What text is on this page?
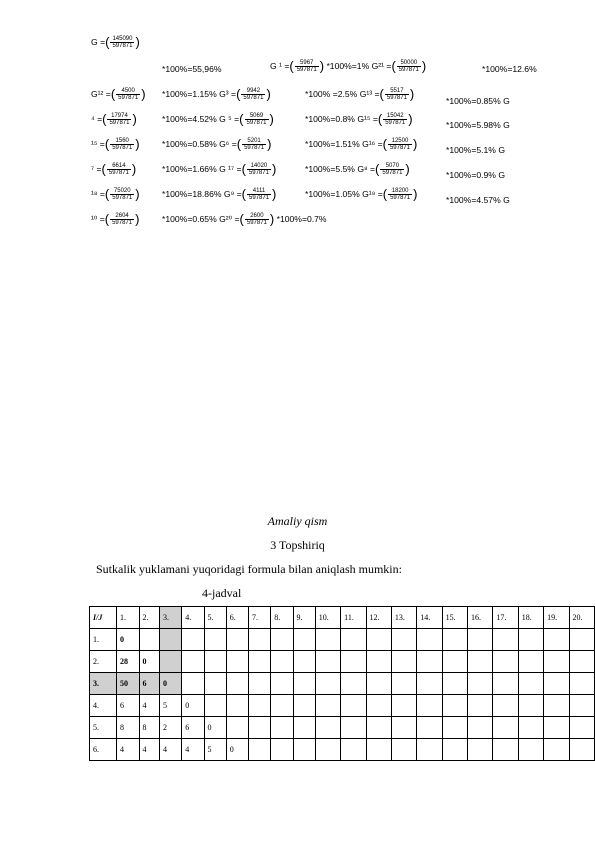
G =( $\frac{145090}{597871}$ )
*100%=55,96%	G ¹ =( $\frac{5967}{597871}$ ) *100%=1% G²¹ =( $\frac{50000}{597871}$ )	*100%=12.6%
G¹² =( $\frac{4500}{597871}$ ) *100%=1.15% G³ =( $\frac{9942}{597871}$ )	*100% =2.5% G¹³ =( $\frac{5517}{597871}$ )	*100%=0.85% G
⁴ =( $\frac{17974}{597871}$ )	*100%=4.52% G ⁵ =( $\frac{5069}{597871}$ )	*100%=0.8% G¹⁵ =( $\frac{15042}{597871}$ )	*100%=5.98% G
¹⁵ =( $\frac{1560}{597871}$ )	*100%=0.58% G⁶ =( $\frac{5201}{597871}$ )	*100%=1.51% G¹⁶ =( $\frac{12500}{597871}$ )	*100%=5.1% G
⁷ =( $\frac{6614}{597871}$ )	*100%=1.66% G ¹⁷ =( $\frac{14020}{597871}$ )	*100%=5.5% G⁸ =( $\frac{5070}{597871}$ )	*100%=0.9% G
¹⁸ =( $\frac{75020}{597871}$ )	*100%=18.86% G⁹ =( $\frac{4111}{597871}$ )	*100%=1.05% G¹⁹ =( $\frac{18200}{597871}$ )	*100%=4.57% G
¹⁰ =( $\frac{2604}{597871}$ )	*100%=0.65% G²⁰ =( $\frac{2600}{597871}$ ) *100%=0.7%
Amaliy qism
3 Topshiriq
Sutkalik yuklamani yuqoridagi formula bilan aniqlash mumkin:
4-jadval
I/J	1.	2.	3.	4.	5.	6.	7.	8.	9.	10.	11.	12.	13.	14.	15.	16.	17.	18.	19.	20.
1.	0																			
2.	28	0																		
3.	50	6	0																	
4.	6	4	5	0																
5.	8	8	2	6	0															
6.	4	4	4	4	5	0														
